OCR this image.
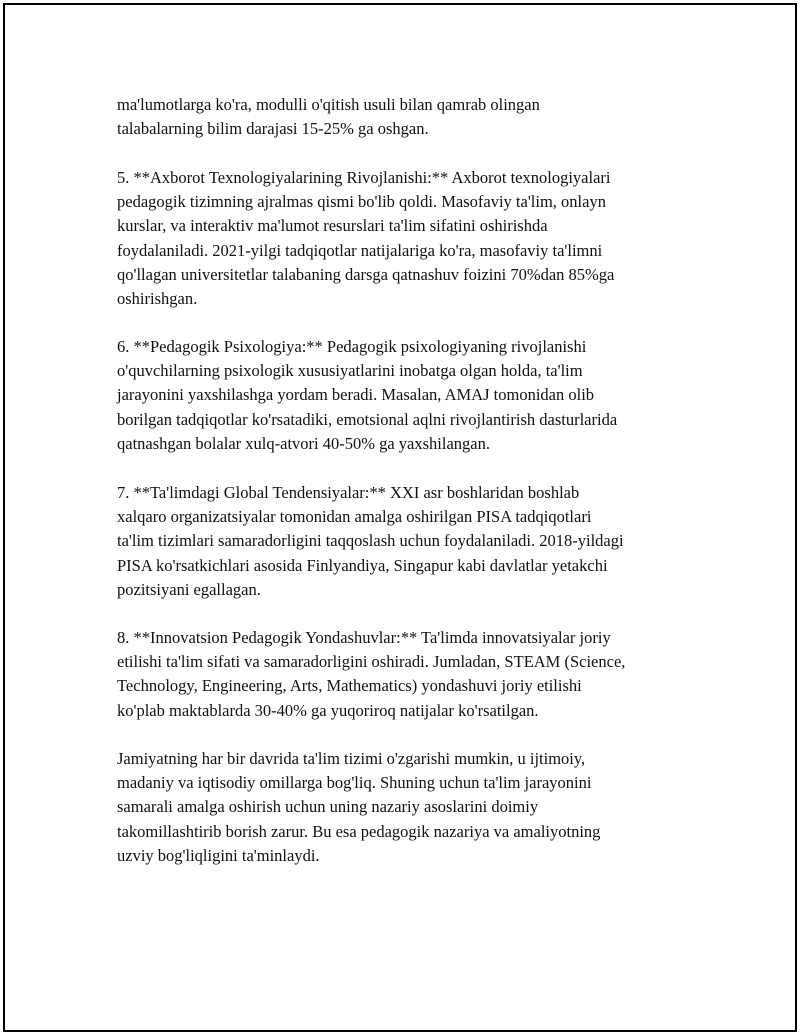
ma'lumotlarga ko'ra, modulli o'qitish usuli bilan qamrab olingan
talabalarning bilim darajasi 15-25% ga oshgan.

5. **Axborot Texnologiyalarining Rivojlanishi:** Axborot texnologiyalari
pedagogik tizimning ajralmas qismi bo'lib qoldi. Masofaviy ta'lim, onlayn
kurslar, va interaktiv ma'lumot resurslari ta'lim sifatini oshirishda
foydalaniladi. 2021-yilgi tadqiqotlar natijalariga ko'ra, masofaviy ta'limni
qo'llagan universitetlar talabaning darsga qatnashuv foizini 70%dan 85%ga
oshirishgan.

6. **Pedagogik Psixologiya:** Pedagogik psixologiyaning rivojlanishi
o'quvchilarning psixologik xususiyatlarini inobatga olgan holda, ta'lim
jarayonini yaxshilashga yordam beradi. Masalan, AMAJ tomonidan olib
borilgan tadqiqotlar ko'rsatadiki, emotsional aqlni rivojlantirish dasturlarida
qatnashgan bolalar xulq-atvori 40-50% ga yaxshilangan.

7. **Ta'limdagi Global Tendensiyalar:** XXI asr boshlaridan boshlab
xalqaro organizatsiyalar tomonidan amalga oshirilgan PISA tadqiqotlari
ta'lim tizimlari samaradorligini taqqoslash uchun foydalaniladi. 2018-yildagi
PISA ko'rsatkichlari asosida Finlyandiya, Singapur kabi davlatlar yetakchi
pozitsiyani egallagan.

8. **Innovatsion Pedagogik Yondashuvlar:** Ta'limda innovatsiyalar joriy
etilishi ta'lim sifati va samaradorligini oshiradi. Jumladan, STEAM (Science,
Technology, Engineering, Arts, Mathematics) yondashuvi joriy etilishi
ko'plab maktablarda 30-40% ga yuqoriroq natijalar ko'rsatilgan.

Jamiyatning har bir davrida ta'lim tizimi o'zgarishi mumkin, u ijtimoiy,
madaniy va iqtisodiy omillarga bog'liq. Shuning uchun ta'lim jarayonini
samarali amalga oshirish uchun uning nazariy asoslarini doimiy
takomillashtirib borish zarur. Bu esa pedagogik nazariya va amaliyotning
uzviy bog'liqligini ta'minlaydi.
